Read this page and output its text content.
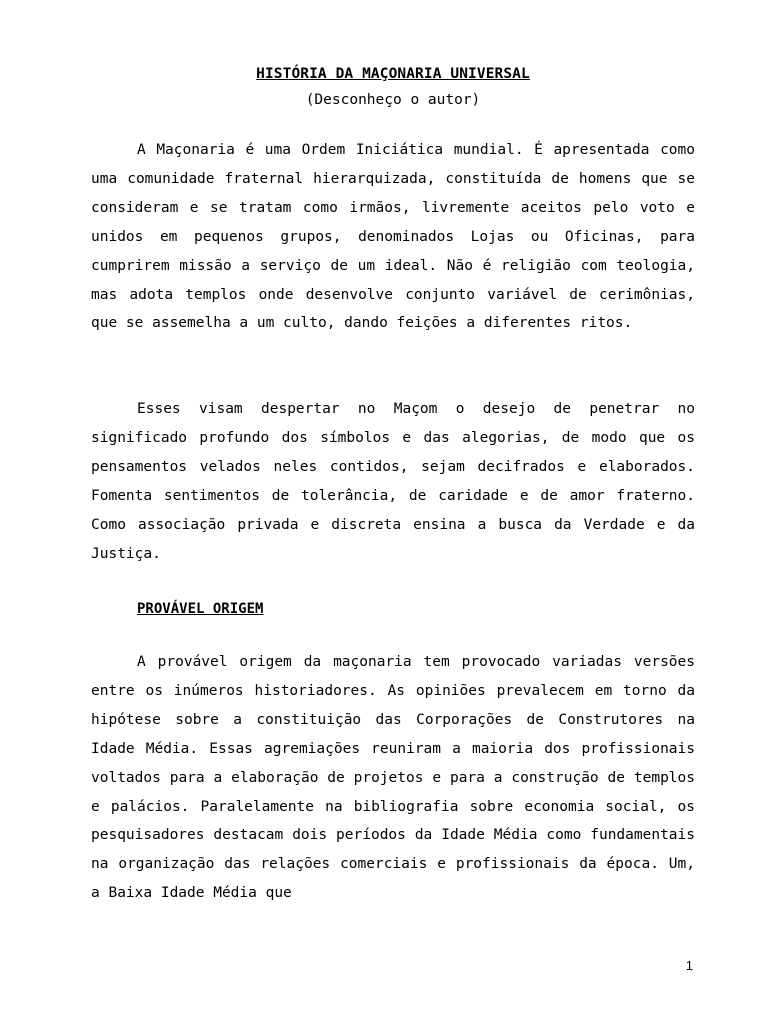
HISTÓRIA DA MAÇONARIA UNIVERSAL
(Desconheço o autor)

A Maçonaria é uma Ordem Iniciática mundial. É apresentada como uma comunidade fraternal hierarquizada, constituída de homens que se consideram e se tratam como irmãos, livremente aceitos pelo voto e unidos em pequenos grupos, denominados Lojas ou Oficinas, para cumprirem missão a serviço de um ideal. Não é religião com teologia, mas adota templos onde desenvolve conjunto variável de cerimônias, que se assemelha a um culto, dando feições a diferentes ritos.

Esses visam despertar no Maçom o desejo de penetrar no significado profundo dos símbolos e das alegorias, de modo que os pensamentos velados neles contidos, sejam decifrados e elaborados. Fomenta sentimentos de tolerância, de caridade e de amor fraterno. Como associação privada e discreta ensina a busca da Verdade e da Justiça.

PROVÁVEL ORIGEM

A provável origem da maçonaria tem provocado variadas versões entre os inúmeros historiadores. As opiniões prevalecem em torno da hipótese sobre a constituição das Corporações de Construtores na Idade Média. Essas agremiações reuniram a maioria dos profissionais voltados para a elaboração de projetos e para a construção de templos e palácios. Paralelamente na bibliografia sobre economia social, os pesquisadores destacam dois períodos da Idade Média como fundamentais na organização das relações comerciais e profissionais da época. Um, a Baixa Idade Média que

1
